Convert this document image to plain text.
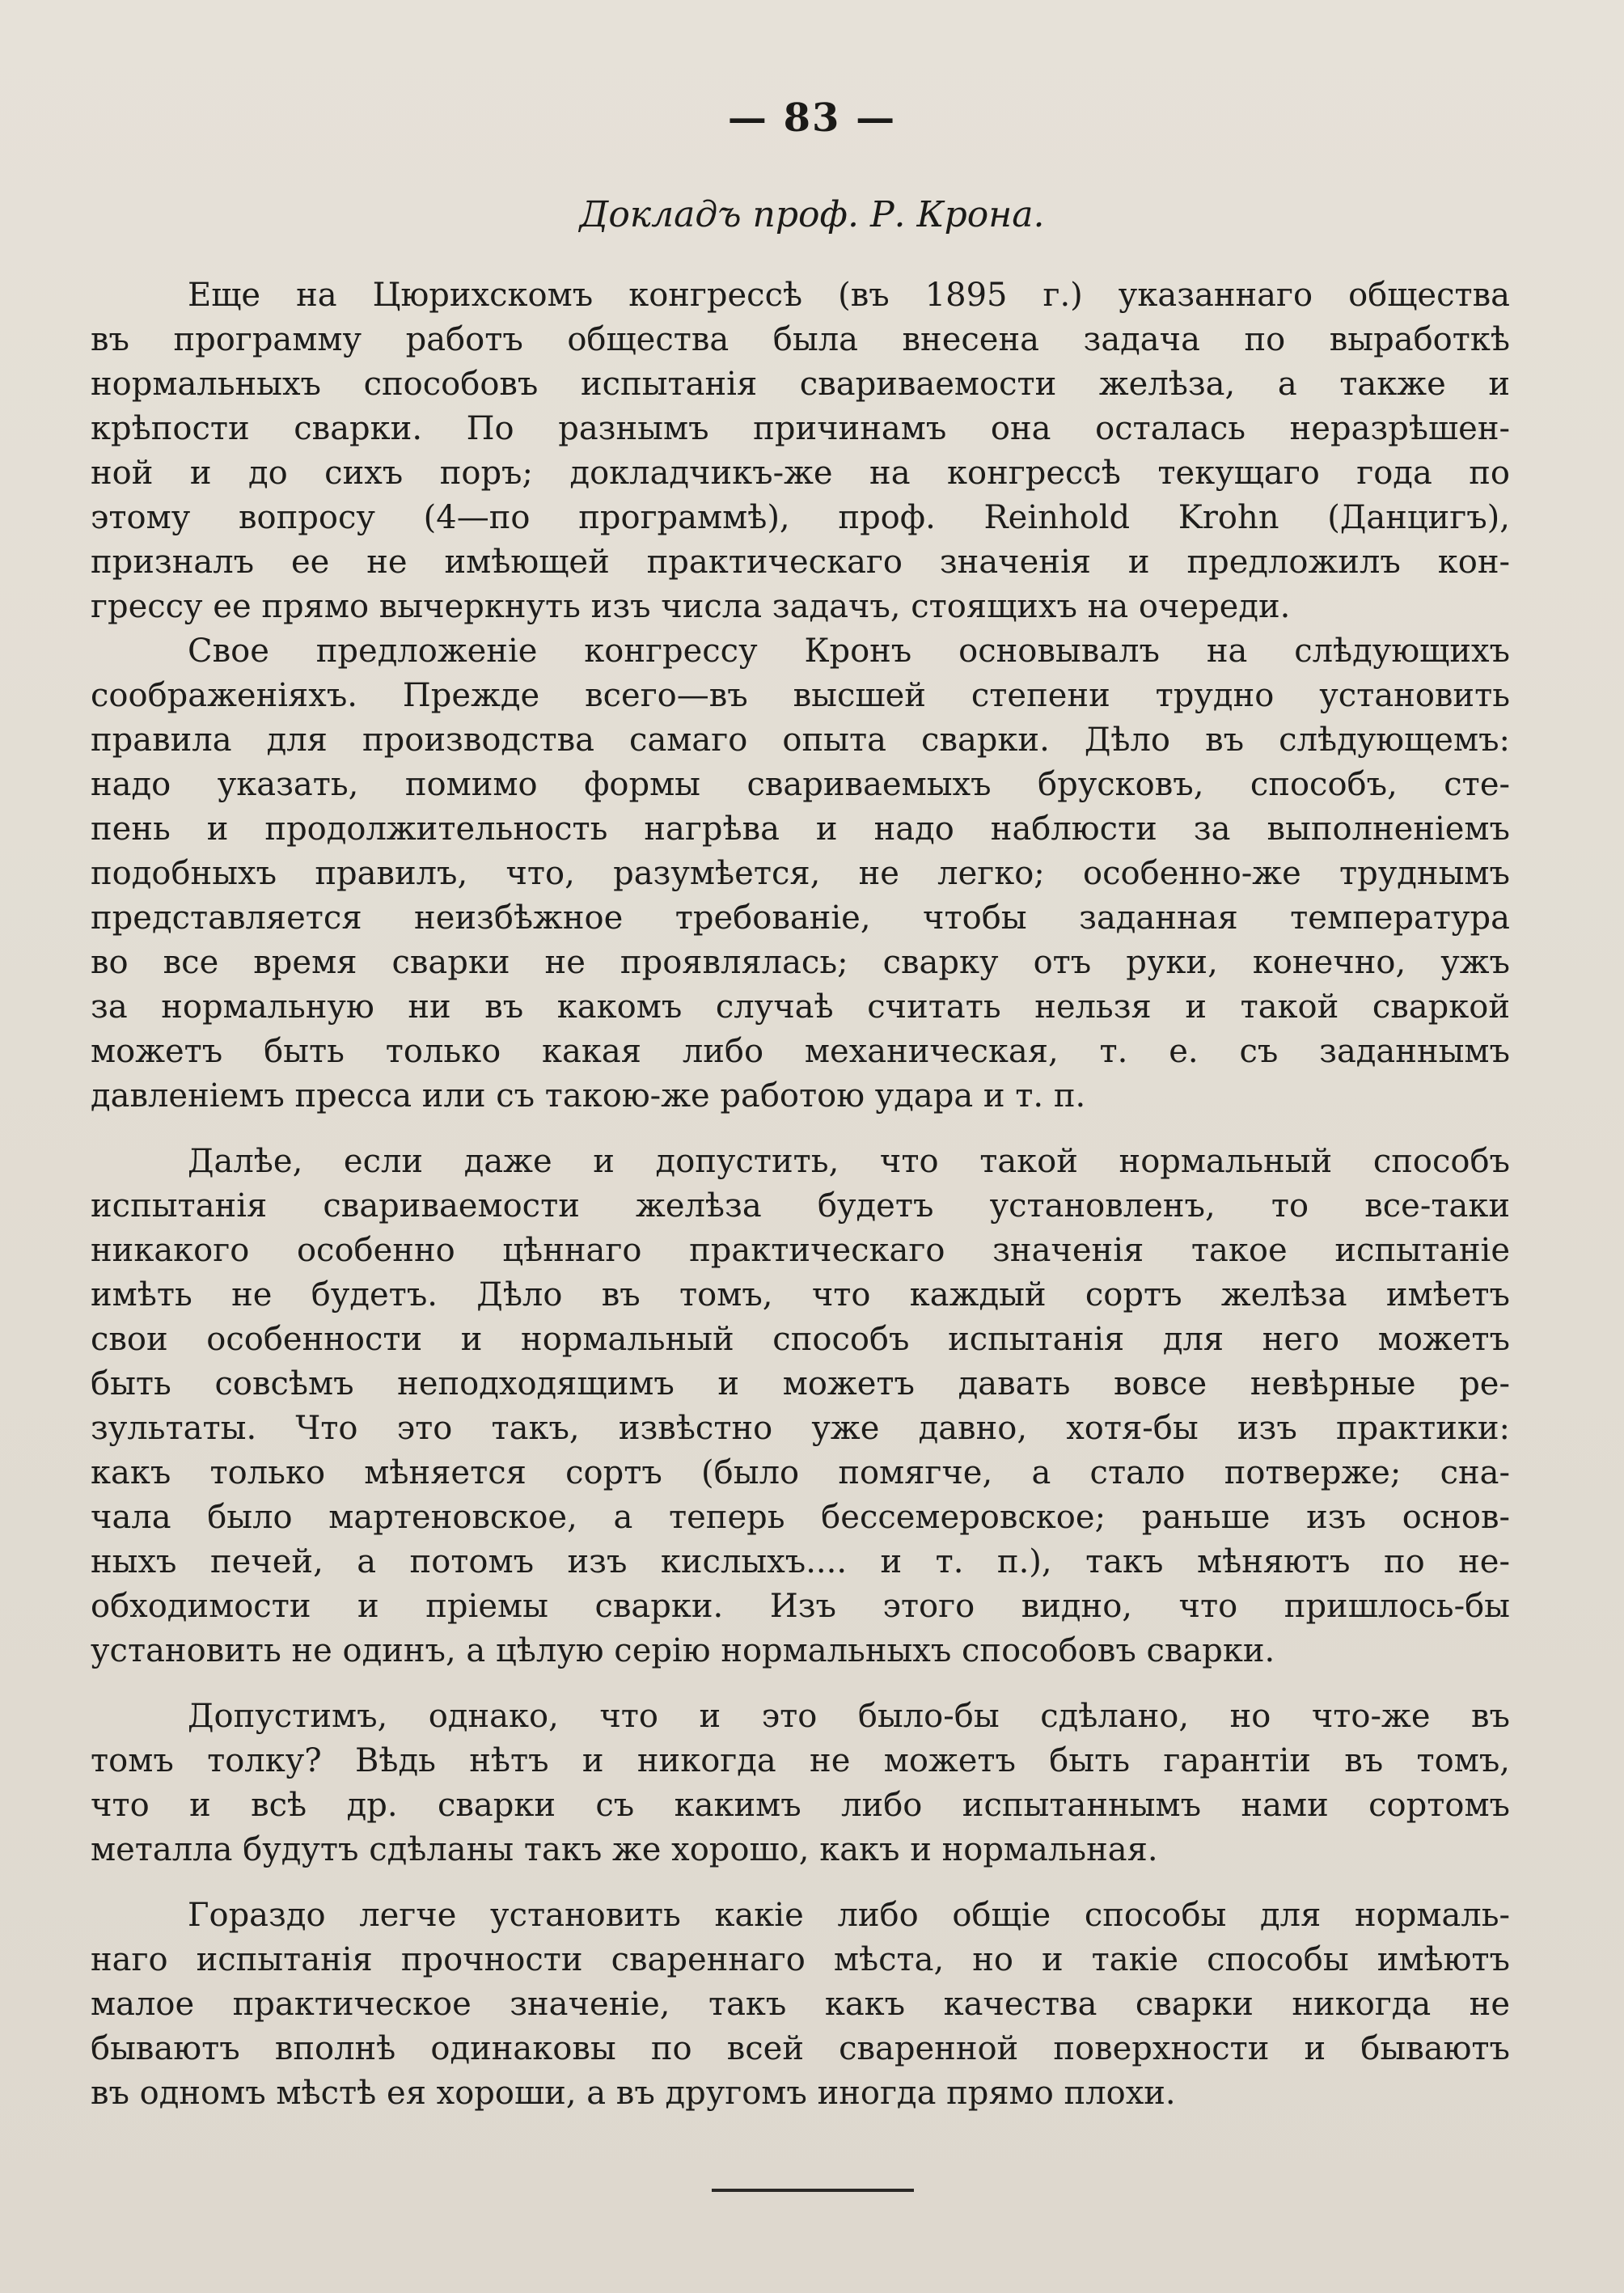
— 83 —
Докладъ проф. Р. Крона.
Еще на Цюрихскомъ конгрессѣ (въ 1895 г.) указаннаго общества
въ программу работъ общества была внесена задача по выработкѣ
нормальныхъ способовъ испытанія свариваемости желѣза, а также и
крѣпости сварки. По разнымъ причинамъ она осталась неразрѣшен-
ной и до сихъ поръ; докладчикъ-же на конгрессѣ текущаго года по
этому вопросу (4—по программѣ), проф. Reinhold Krohn (Данцигъ),
призналъ ее не имѣющей практическаго значенія и предложилъ кон-
грессу ее прямо вычеркнуть изъ числа задачъ, стоящихъ на очереди.
Свое предложеніе конгрессу Кронъ основывалъ на слѣдующихъ
соображеніяхъ. Прежде всего—въ высшей степени трудно установить
правила для производства самаго опыта сварки. Дѣло въ слѣдующемъ:
надо указать, помимо формы свариваемыхъ брусковъ, способъ, сте-
пень и продолжительность нагрѣва и надо наблюсти за выполненіемъ
подобныхъ правилъ, что, разумѣется, не легко; особенно-же труднымъ
представляется неизбѣжное требованіе, чтобы заданная температура
во все время сварки не проявлялась; сварку отъ руки, конечно, ужъ
за нормальную ни въ какомъ случаѣ считать нельзя и такой сваркой
можетъ быть только какая либо механическая, т. е. съ заданнымъ
давленіемъ пресса или съ такою-же работою удара и т. п.
Далѣе, если даже и допустить, что такой нормальный способъ
испытанія свариваемости желѣза будетъ установленъ, то все-таки
никакого особенно цѣннаго практическаго значенія такое испытаніе
имѣть не будетъ. Дѣло въ томъ, что каждый сортъ желѣза имѣетъ
свои особенности и нормальный способъ испытанія для него можетъ
быть совсѣмъ неподходящимъ и можетъ давать вовсе невѣрные ре-
зультаты. Что это такъ, извѣстно уже давно, хотя-бы изъ практики:
какъ только мѣняется сортъ (было помягче, а стало потверже; сна-
чала было мартеновское, а теперь бессемеровское; раньше изъ основ-
ныхъ печей, а потомъ изъ кислыхъ.... и т. п.), такъ мѣняютъ по не-
обходимости и пріемы сварки. Изъ этого видно, что пришлось-бы
установить не одинъ, а цѣлую серію нормальныхъ способовъ сварки.
Допустимъ, однако, что и это было-бы сдѣлано, но что-же въ
томъ толку? Вѣдь нѣтъ и никогда не можетъ быть гарантіи въ томъ,
что и всѣ др. сварки съ какимъ либо испытаннымъ нами сортомъ
металла будутъ сдѣланы такъ же хорошо, какъ и нормальная.
Гораздо легче установить какіе либо общіе способы для нормаль-
наго испытанія прочности свареннаго мѣста, но и такіе способы имѣютъ
малое практическое значеніе, такъ какъ качества сварки никогда не
бываютъ вполнѣ одинаковы по всей сваренной поверхности и бываютъ
въ одномъ мѣстѣ ея хороши, а въ другомъ иногда прямо плохи.
